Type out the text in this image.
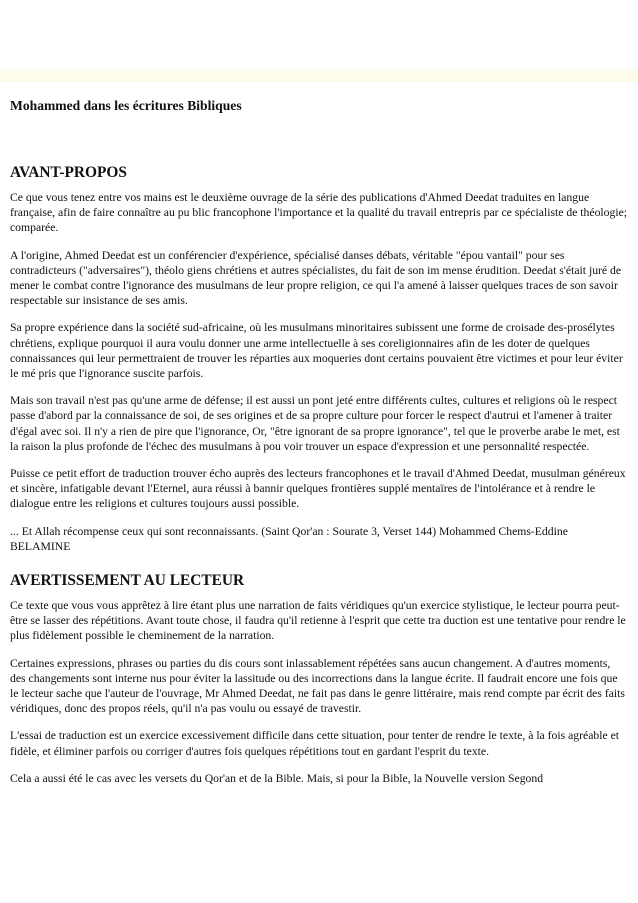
Mohammed dans les écritures Bibliques
AVANT-PROPOS

Ce que vous tenez entre vos mains est le deuxième ouvrage de la série des publications d'Ahmed Deedat traduites en langue française, afin de faire connaître au pu blic francophone l'importance et la qualité du travail entrepris par ce spécialiste de théologie; comparée.

A l'origine, Ahmed Deedat est un conférencier d'expérience, spécialisé danses débats, véritable "épou vantail" pour ses contradicteurs ("adversaires"), théolo giens chrétiens et autres spécialistes, du fait de son im mense érudition. Deedat s'était juré de mener le combat contre l'ignorance des musulmans de leur propre religion, ce qui l'a amené à laisser quelques traces de son savoir respectable sur insistance de ses amis.

Sa propre expérience dans la société sud-africaine, où les musulmans minoritaires subissent une forme de croisade des-prosélytes chrétiens, explique pourquoi il aura voulu donner une arme intellectuelle à ses coreligionnaires afin de les doter de quelques connaissances qui leur permettraient de trouver les réparties aux moqueries dont certains pouvaient être victimes et pour leur éviter le mé pris que l'ignorance suscite parfois.

Mais son travail n'est pas qu'une arme de défense; il est aussi un pont jeté entre différents cultes, cultures et religions où le respect passe d'abord par la connaissance de soi, de ses origines et de sa propre culture pour forcer le respect d'autrui et l'amener à traiter d'égal avec soi. Il n'y a rien de pire que l'ignorance, Or, "être ignorant de sa propre ignorance", tel que le proverbe arabe le met, est la raison la plus profonde de l'échec des musulmans à pou voir trouver un espace d'expression et une personnalité respectée.

Puisse ce petit effort de traduction trouver écho auprès des lecteurs francophones et le travail d'Ahmed Deedat, musulman généreux et sincère, infatigable devant l'Eternel, aura réussi à bannir quelques frontières supplé mentaïres de l'intolérance et à rendre le dialogue entre les religions et cultures toujours aussi possible.

... Et Allah récompense ceux qui sont reconnaissants. (Saint Qor'an : Sourate 3, Verset 144) Mohammed Chems-Eddine BELAMINE

AVERTISSEMENT AU LECTEUR

Ce texte que vous vous apprêtez à lire étant plus une narration de faits véridiques qu'un exercice stylistique, le lecteur pourra peut-être se lasser des répétitions. Avant toute chose, il faudra qu'il retienne à l'esprit que cette tra duction est une tentative pour rendre le plus fidèlement possible le cheminement de la narration.

Certaines expressions, phrases ou parties du dis cours sont inlassablement répétées sans aucun changement. A d'autres moments, des changements sont interne nus pour éviter la lassitude ou des incorrections dans la langue écrite. Il faudrait encore une fois que le lecteur sache que l'auteur de l'ouvrage, Mr Ahmed Deedat, ne fait pas dans le genre littéraire, mais rend compte par écrit des faits véridiques, donc des propos réels, qu'il n'a pas voulu ou essayé de travestir.

L'essai de traduction est un exercice excessivement difficile dans cette situation, pour tenter de rendre le texte, à la fois agréable et fidèle, et éliminer parfois ou corriger d'autres fois quelques répétitions tout en gardant l'esprit du texte.

Cela a aussi été le cas avec les versets du Qor'an et de la Bible. Mais, si pour la Bible, la Nouvelle version Segond
